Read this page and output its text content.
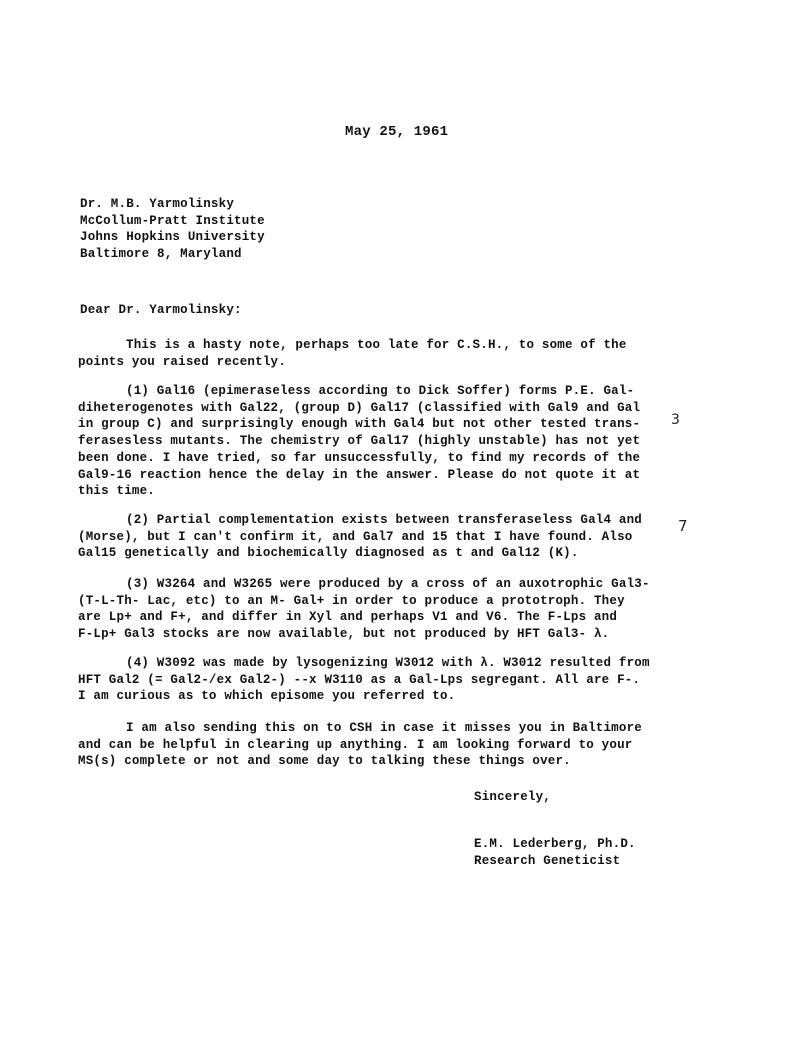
May 25, 1961
Dr. M.B. Yarmolinsky
McCollum-Pratt Institute
Johns Hopkins University
Baltimore 8, Maryland
Dear Dr. Yarmolinsky:
This is a hasty note, perhaps too late for C.S.H., to some of the
points you raised recently.
(1) Gal16 (epimeraseless according to Dick Soffer) forms P.E. Gal-
diheterogenotes with Gal22, (group D) Gal17 (classified with Gal9 and Gal
in group C) and surprisingly enough with Gal4 but not other tested trans-
ferasesless mutants. The chemistry of Gal17 (highly unstable) has not yet
been done. I have tried, so far unsuccessfully, to find my records of the
Gal9-16 reaction hence the delay in the answer. Please do not quote it at
this time.
3
(2) Partial complementation exists between transferaseless Gal4 and
(Morse), but I can't confirm it, and Gal7 and 15 that I have found. Also
Gal15 genetically and biochemically diagnosed as t and Gal12 (K).
7
(3) W3264 and W3265 were produced by a cross of an auxotrophic Gal3-
(T-L-Th- Lac, etc) to an M- Gal+ in order to produce a prototroph. They
are Lp+ and F+, and differ in Xyl and perhaps V1 and V6. The F-Lps and
F-Lp+ Gal3 stocks are now available, but not produced by HFT Gal3- λ.
(4) W3092 was made by lysogenizing W3012 with λ. W3012 resulted from
HFT Gal2 (= Gal2-/ex Gal2-) --x W3110 as a Gal-Lps segregant. All are F-.
I am curious as to which episome you referred to.
I am also sending this on to CSH in case it misses you in Baltimore
and can be helpful in clearing up anything. I am looking forward to your
MS(s) complete or not and some day to talking these things over.
Sincerely,
E.M. Lederberg, Ph.D.
Research Geneticist
